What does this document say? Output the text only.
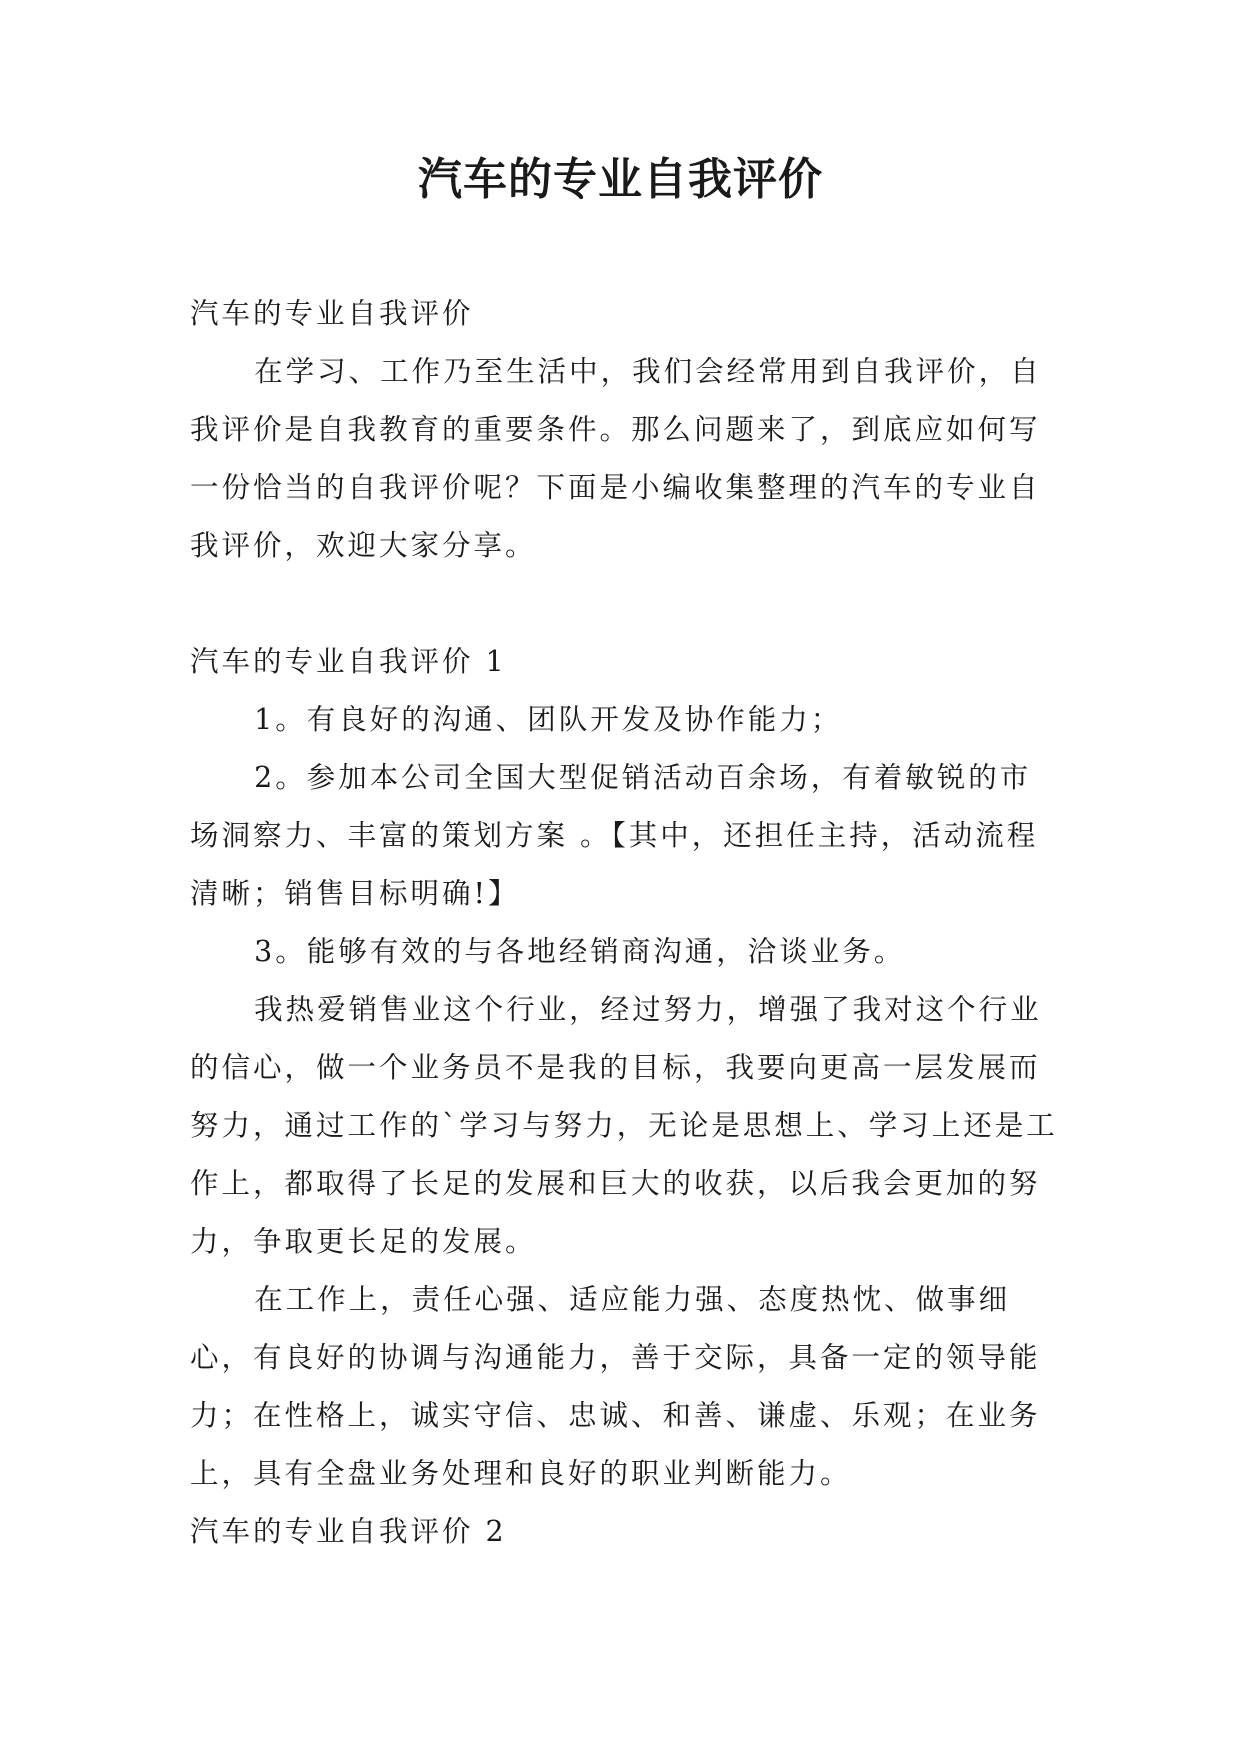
汽车的专业自我评价

汽车的专业自我评价

在学习、工作乃至生活中，我们会经常用到自我评价，自我评价是自我教育的重要条件。那么问题来了，到底应如何写一份恰当的自我评价呢？下面是小编收集整理的汽车的专业自我评价，欢迎大家分享。

汽车的专业自我评价 1

1。有良好的沟通、团队开发及协作能力；

2。参加本公司全国大型促销活动百余场，有着敏锐的市场洞察力、丰富的策划方案 。【其中，还担任主持，活动流程清晰；销售目标明确!】

3。能够有效的与各地经销商沟通，洽谈业务。

我热爱销售业这个行业，经过努力，增强了我对这个行业的信心，做一个业务员不是我的目标，我要向更高一层发展而努力，通过工作的`学习与努力，无论是思想上、学习上还是工作上，都取得了长足的发展和巨大的收获，以后我会更加的努力，争取更长足的发展。

在工作上，责任心强、适应能力强、态度热忱、做事细心，有良好的协调与沟通能力，善于交际，具备一定的领导能力；在性格上，诚实守信、忠诚、和善、谦虚、乐观；在业务上，具有全盘业务处理和良好的职业判断能力。

汽车的专业自我评价 2
